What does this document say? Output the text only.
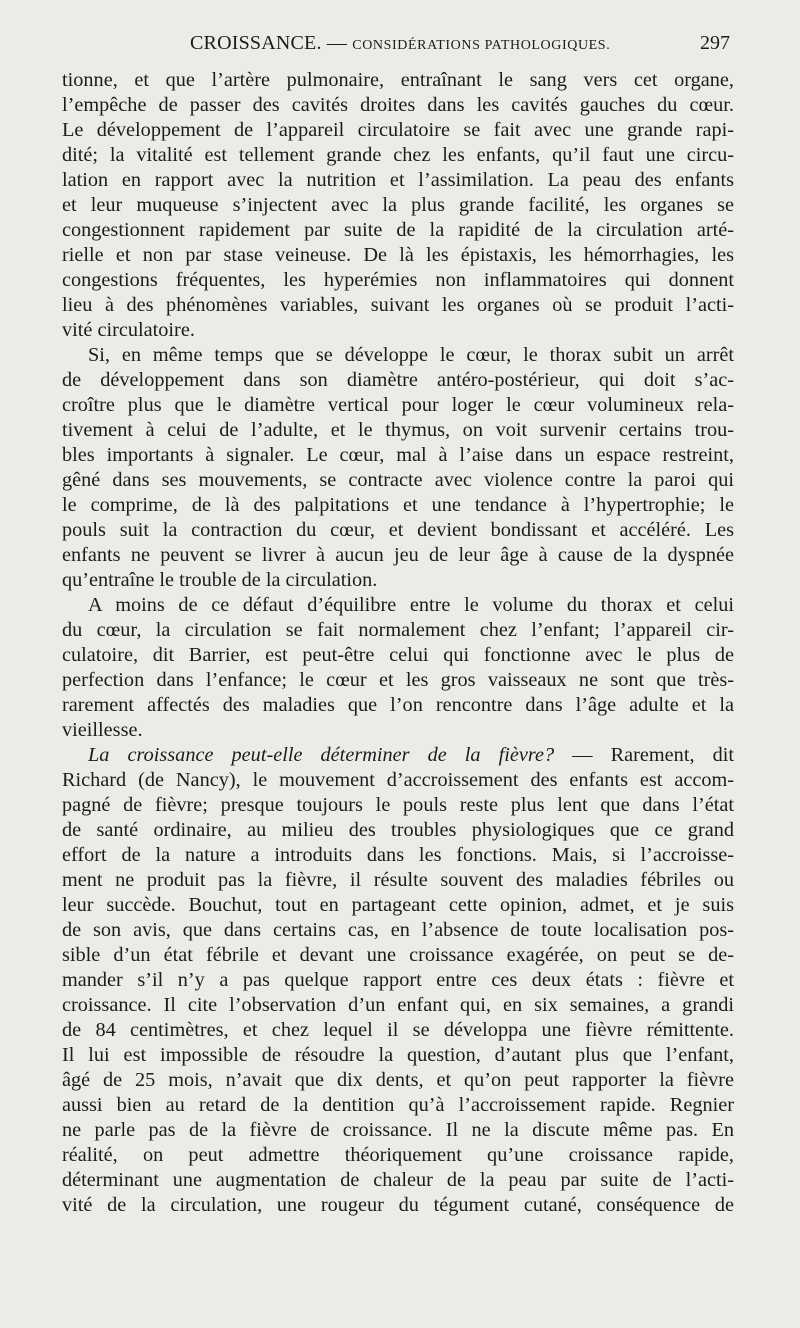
CROISSANCE. — CONSIDÉRATIONS PATHOLOGIQUES.	297
tionne, et que l’artère pulmonaire, entraînant le sang vers cet organe,
l’empêche de passer des cavités droites dans les cavités gauches du cœur.
Le développement de l’appareil circulatoire se fait avec une grande rapi-
dité; la vitalité est tellement grande chez les enfants, qu’il faut une circu-
lation en rapport avec la nutrition et l’assimilation. La peau des enfants
et leur muqueuse s’injectent avec la plus grande facilité, les organes se
congestionnent rapidement par suite de la rapidité de la circulation arté-
rielle et non par stase veineuse. De là les épistaxis, les hémorrhagies, les
congestions fréquentes, les hyperémies non inflammatoires qui donnent
lieu à des phénomènes variables, suivant les organes où se produit l’acti-
vité circulatoire.
Si, en même temps que se développe le cœur, le thorax subit un arrêt
de développement dans son diamètre antéro-postérieur, qui doit s’ac-
croître plus que le diamètre vertical pour loger le cœur volumineux rela-
tivement à celui de l’adulte, et le thymus, on voit survenir certains trou-
bles importants à signaler. Le cœur, mal à l’aise dans un espace restreint,
gêné dans ses mouvements, se contracte avec violence contre la paroi qui
le comprime, de là des palpitations et une tendance à l’hypertrophie; le
pouls suit la contraction du cœur, et devient bondissant et accéléré. Les
enfants ne peuvent se livrer à aucun jeu de leur âge à cause de la dyspnée
qu’entraîne le trouble de la circulation.
A moins de ce défaut d’équilibre entre le volume du thorax et celui
du cœur, la circulation se fait normalement chez l’enfant; l’appareil cir-
culatoire, dit Barrier, est peut-être celui qui fonctionne avec le plus de
perfection dans l’enfance; le cœur et les gros vaisseaux ne sont que très-
rarement affectés des maladies que l’on rencontre dans l’âge adulte et la
vieillesse.
La croissance peut-elle déterminer de la fièvre? — Rarement, dit
Richard (de Nancy), le mouvement d’accroissement des enfants est accom-
pagné de fièvre; presque toujours le pouls reste plus lent que dans l’état
de santé ordinaire, au milieu des troubles physiologiques que ce grand
effort de la nature a introduits dans les fonctions. Mais, si l’accroisse-
ment ne produit pas la fièvre, il résulte souvent des maladies fébriles ou
leur succède. Bouchut, tout en partageant cette opinion, admet, et je suis
de son avis, que dans certains cas, en l’absence de toute localisation pos-
sible d’un état fébrile et devant une croissance exagérée, on peut se de-
mander s’il n’y a pas quelque rapport entre ces deux états : fièvre et
croissance. Il cite l’observation d’un enfant qui, en six semaines, a grandi
de 84 centimètres, et chez lequel il se développa une fièvre rémittente.
Il lui est impossible de résoudre la question, d’autant plus que l’enfant,
âgé de 25 mois, n’avait que dix dents, et qu’on peut rapporter la fièvre
aussi bien au retard de la dentition qu’à l’accroissement rapide. Regnier
ne parle pas de la fièvre de croissance. Il ne la discute même pas. En
réalité, on peut admettre théoriquement qu’une croissance rapide,
déterminant une augmentation de chaleur de la peau par suite de l’acti-
vité de la circulation, une rougeur du tégument cutané, conséquence de
